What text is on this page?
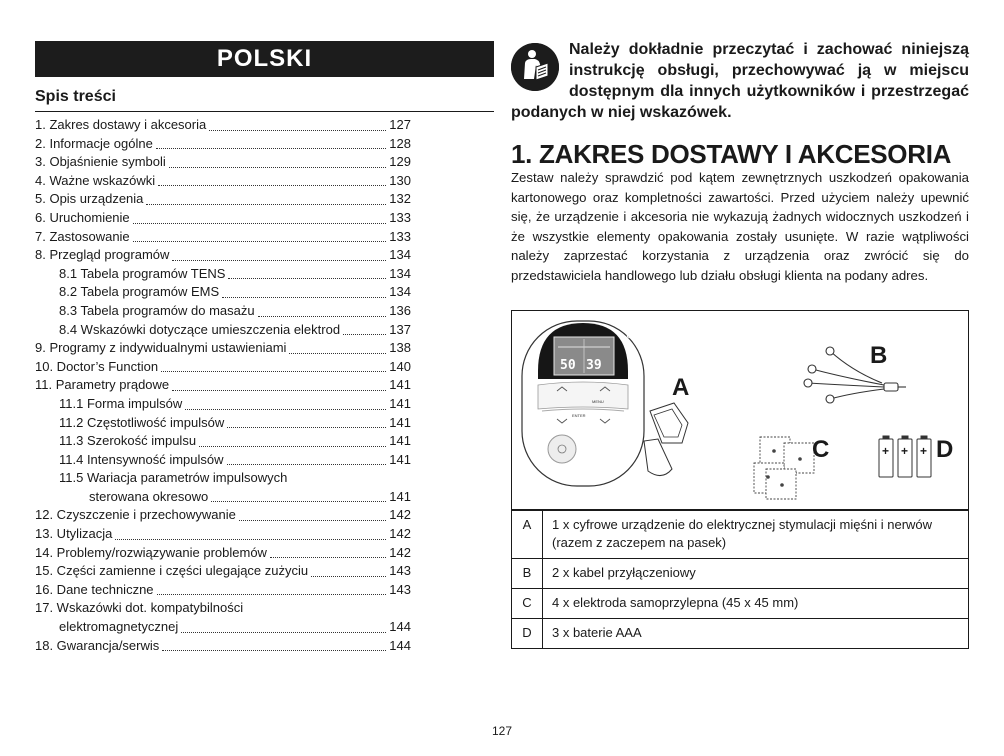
POLSKI
Spis treści
1. Zakres dostawy i akcesoria	127
2. Informacje ogólne	128
3. Objaśnienie symboli	129
4. Ważne wskazówki	130
5. Opis urządzenia	132
6. Uruchomienie	133
7. Zastosowanie	133
8. Przegląd programów	134
8.1 Tabela programów TENS	134
8.2 Tabela programów EMS	134
8.3 Tabela programów do masażu	136
8.4 Wskazówki dotyczące umieszczenia elektrod	137
9. Programy z indywidualnymi ustawieniami	138
10. Doctor’s Function	140
11. Parametry prądowe	141
11.1 Forma impulsów	141
11.2 Częstotliwość impulsów	141
11.3 Szerokość impulsu	141
11.4 Intensywność impulsów	141
11.5 Wariacja parametrów impulsowych
sterowana okresowo	141
12. Czyszczenie i przechowywanie	142
13. Utylizacja	142
14. Problemy/rozwiązywanie problemów	142
15. Części zamienne i części ulegające zużyciu	143
16. Dane techniczne	143
17. Wskazówki dot. kompatybilności
elektromagnetycznej	144
18. Gwarancja/serwis	144
Należy dokładnie przeczytać i zachować niniejszą instrukcję obsługi, przechowywać ją w miejscu dostępnym dla innych użytkowników i przestrzegać podanych w niej wskazówek.
1. ZAKRES DOSTAWY I AKCESORIA
Zestaw należy sprawdzić pod kątem zewnętrznych uszkodzeń opakowania kartonowego oraz kompletności zawartości. Przed użyciem należy upewnić się, że urządzenie i akcesoria nie wykazują żadnych widocznych uszkodzeń i że wszystkie elementy opakowania zostały usunięte. W razie wątpliwości należy zaprzestać korzystania z urządzenia oraz zwrócić się do przedstawiciela handlowego lub działu obsługi klienta na podany adres.
beurer
50 39
MENU
ENTER
A
B
C	+ + + D
A	1 x cyfrowe urządzenie do elektrycznej stymulacji mięśni i nerwów (razem z zaczepem na pasek)
B	2 x kabel przyłączeniowy
C	4 x elektroda samoprzylepna (45 x 45 mm)
D	3 x baterie AAA
127
